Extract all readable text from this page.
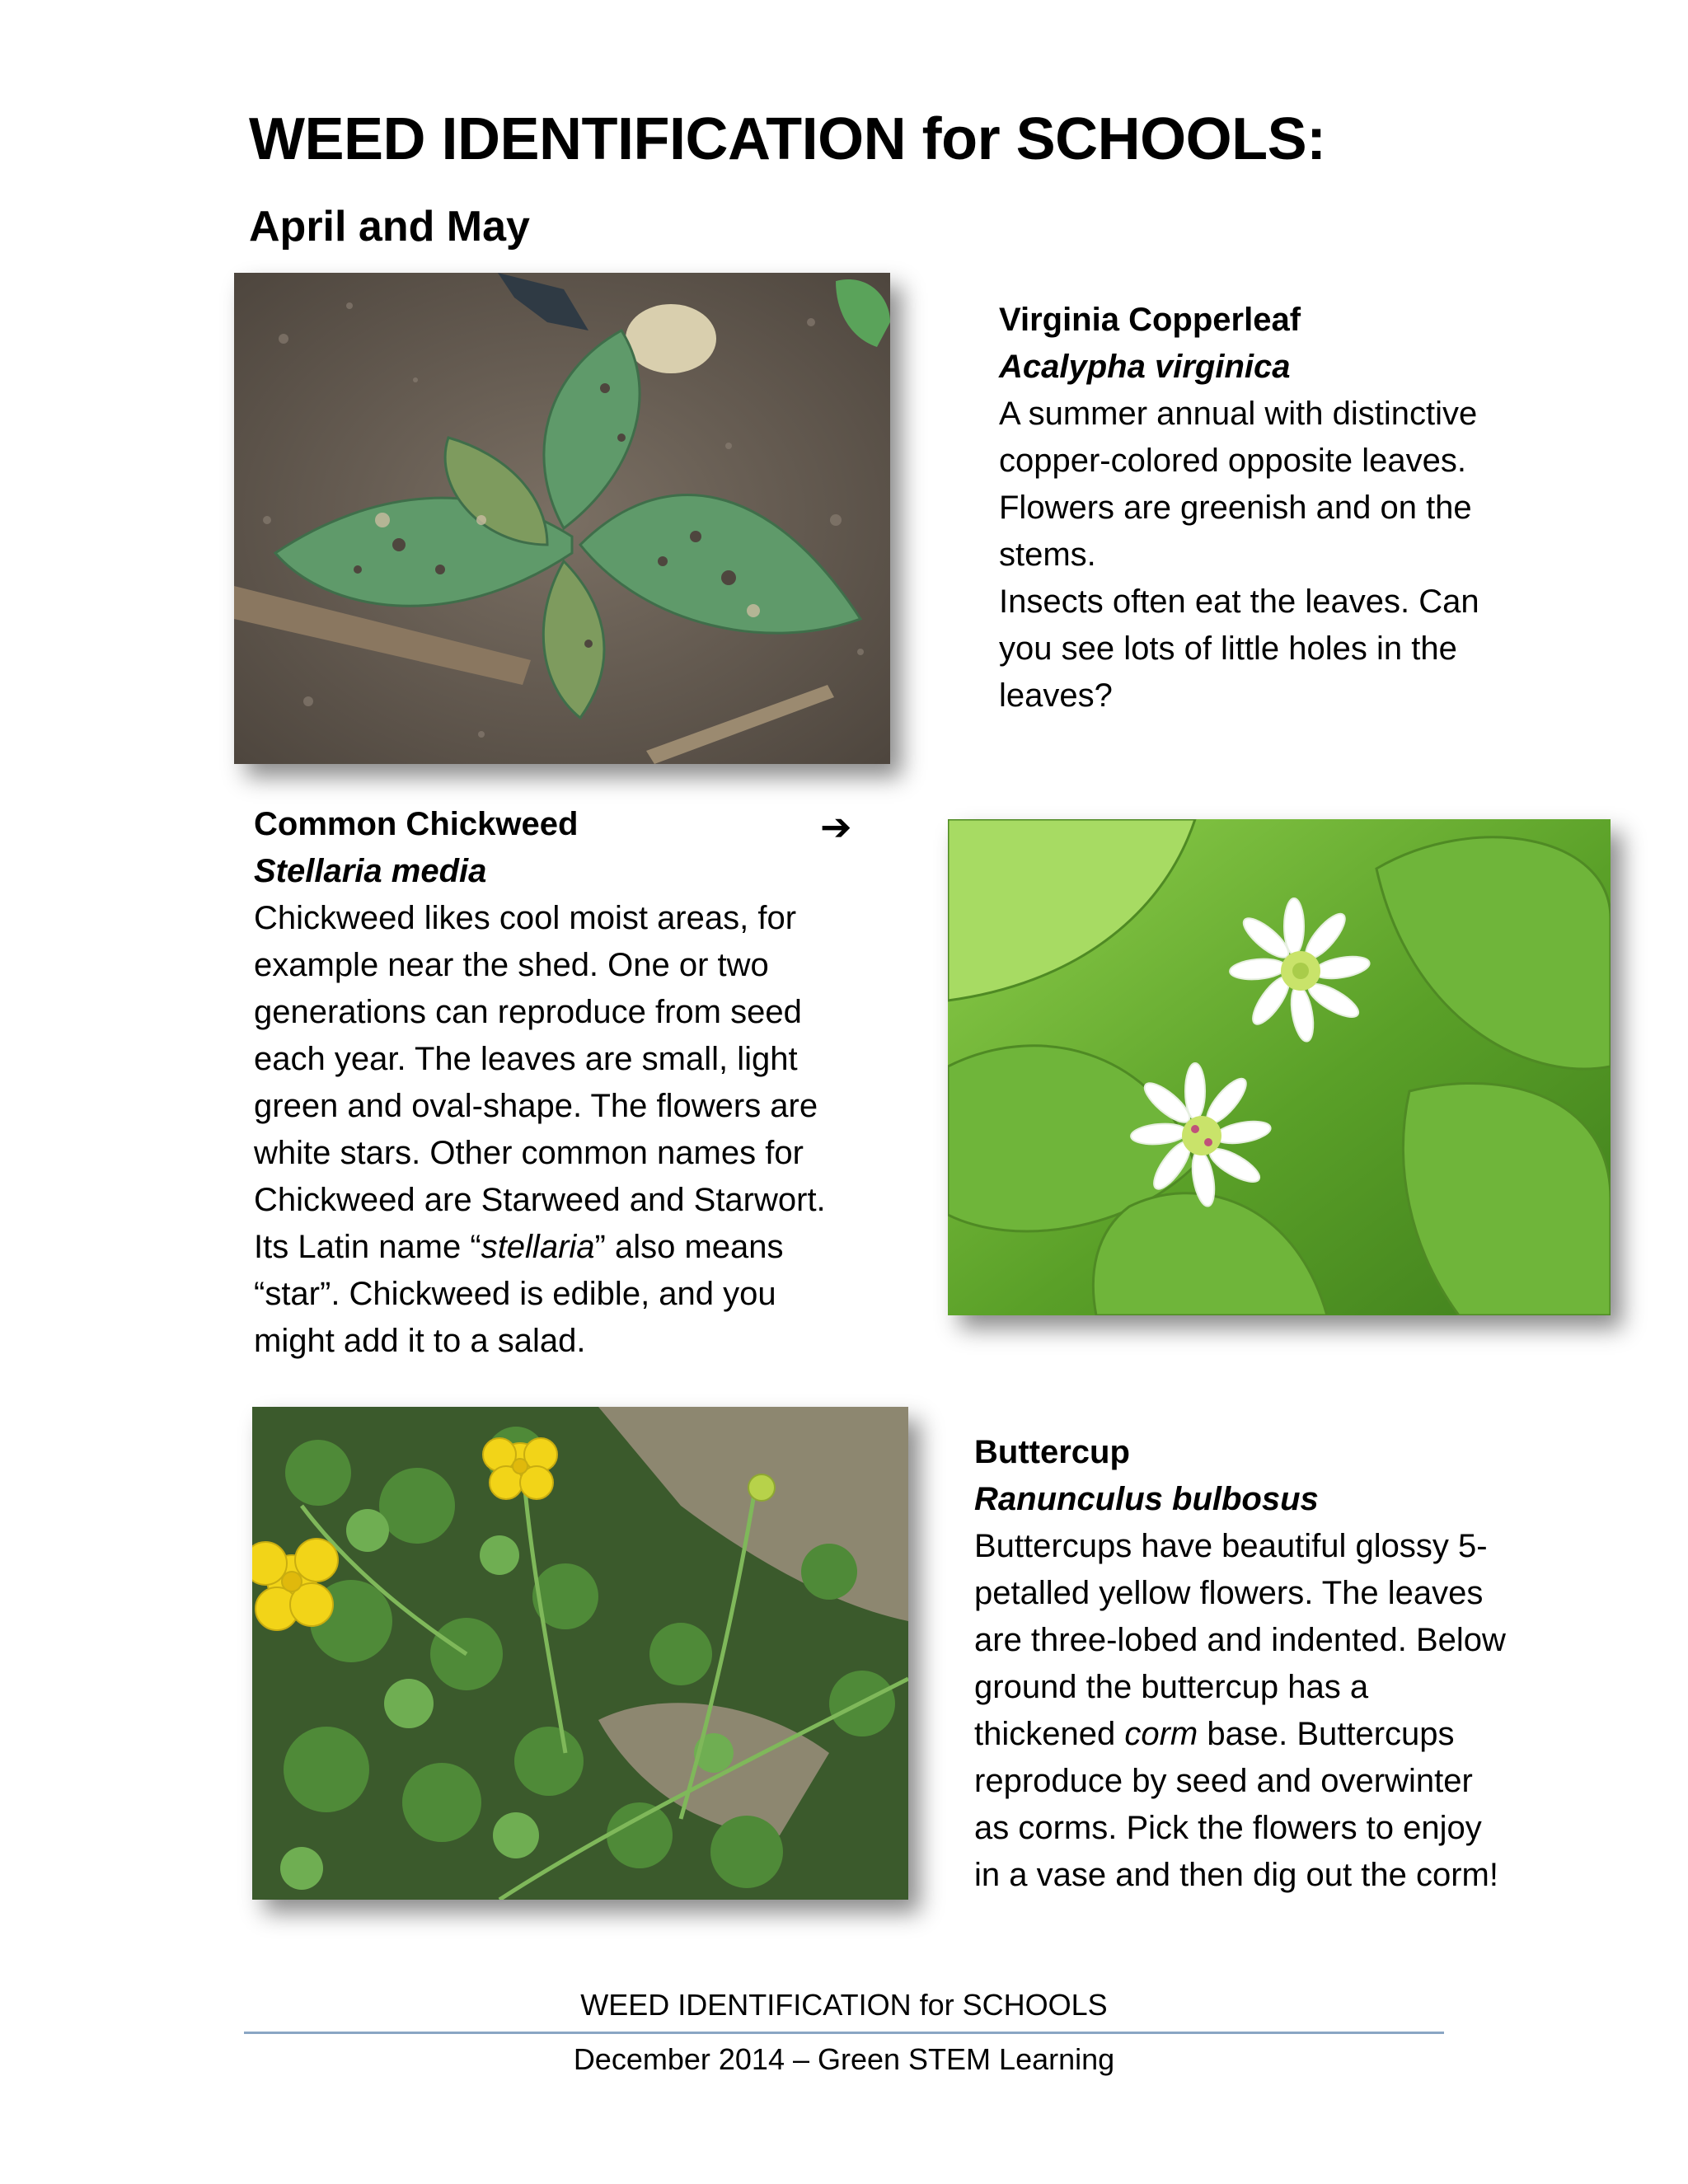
WEED IDENTIFICATION for SCHOOLS:
April and May

Virginia Copperleaf

Acalypha virginica

A summer annual with distinctive

copper-colored opposite leaves.

Flowers are greenish and on the

stems.

Insects often eat the leaves. Can

you see lots of little holes in the

leaves?

Common Chickweed

Stellaria media

Chickweed likes cool moist areas, for

example near the shed. One or two

generations can reproduce from seed

each year. The leaves are small, light

green and oval-shape. The flowers are

white stars. Other common names for

Chickweed are Starweed and Starwort.

Its Latin name “stellaria” also means

“star”. Chickweed is edible, and you

might add it to a salad.

➔

Buttercup

Ranunculus bulbosus

Buttercups have beautiful glossy 5-

petalled yellow flowers. The leaves

are three-lobed and indented. Below

ground the buttercup has a

thickened corm base. Buttercups

reproduce by seed and overwinter

as corms. Pick the flowers to enjoy

in a vase and then dig out the corm!

WEED IDENTIFICATION for SCHOOLS
December 2014 – Green STEM Learning
